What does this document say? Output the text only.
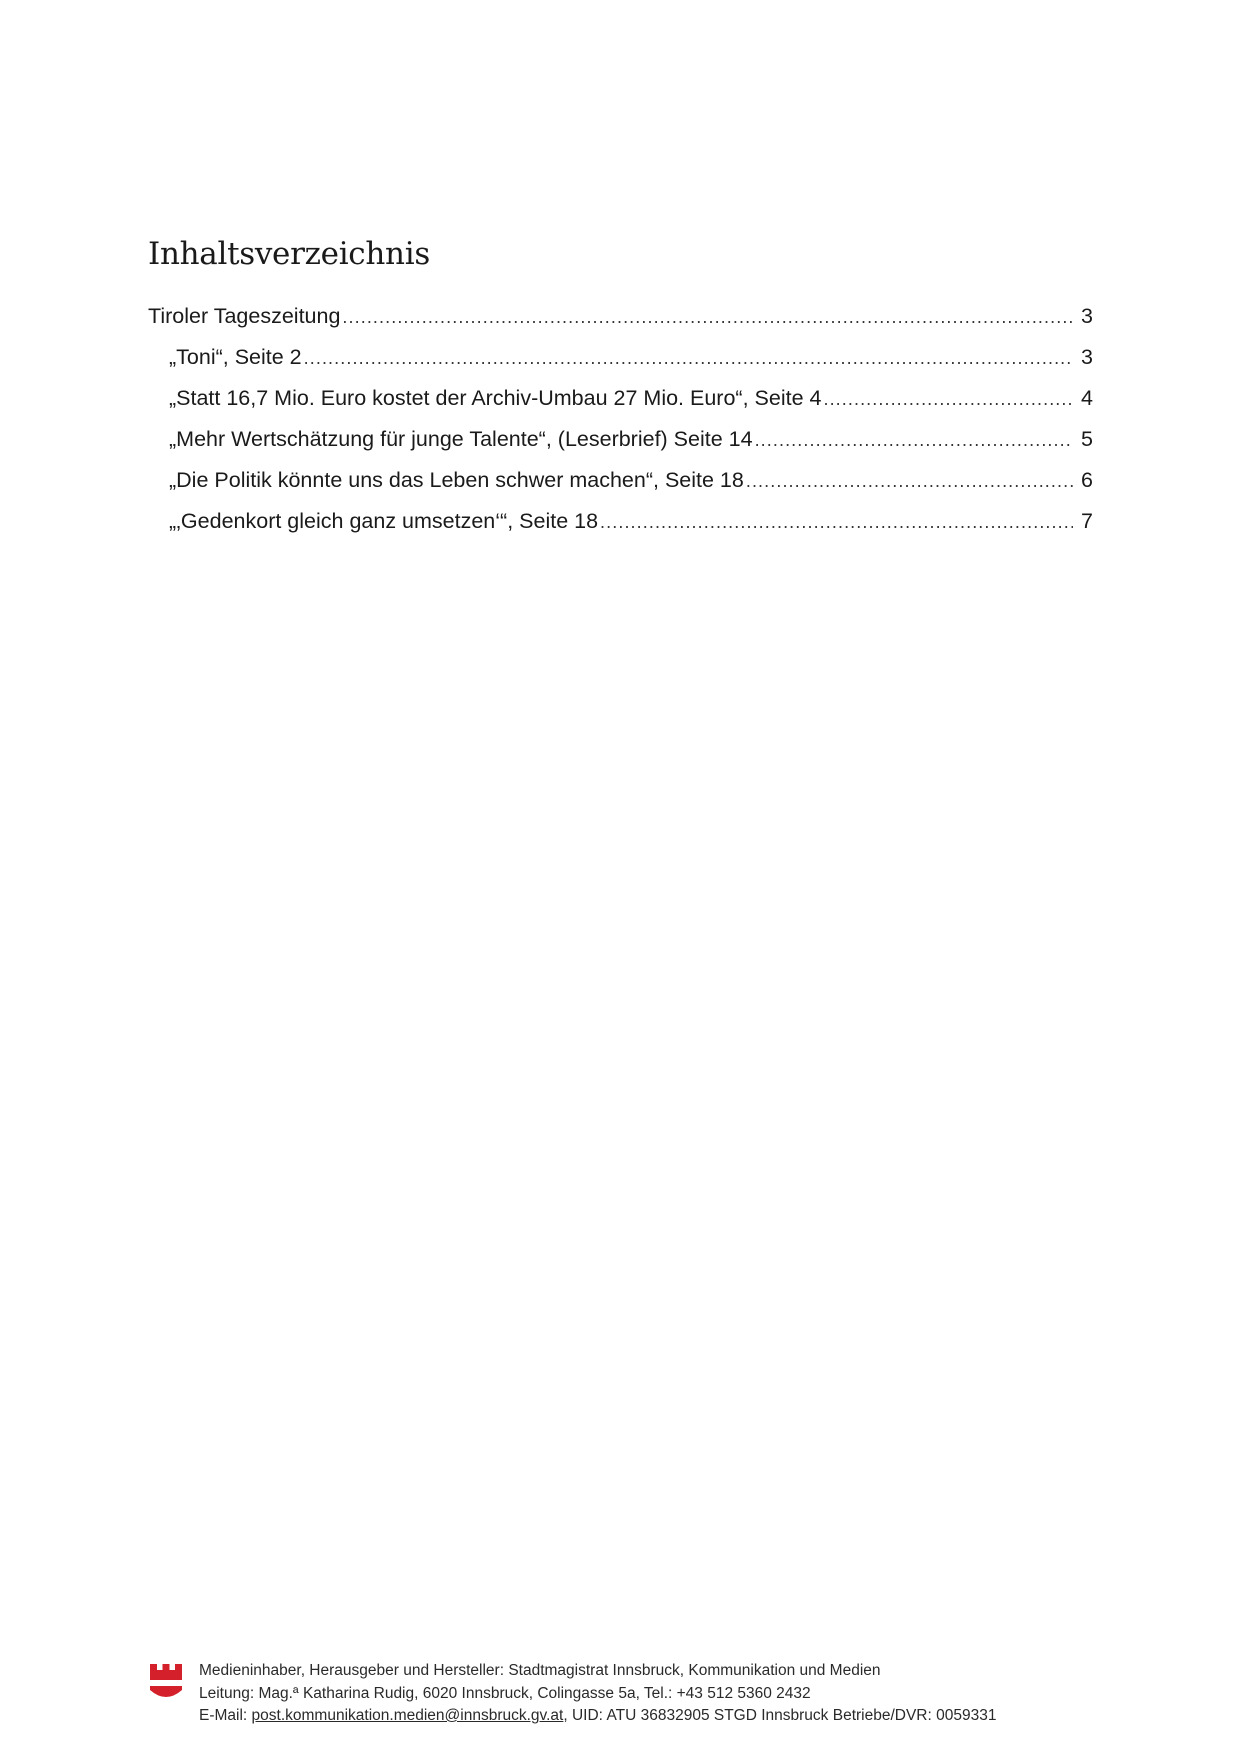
Inhaltsverzeichnis
Tiroler Tageszeitung .....	3
„Toni“, Seite 2 .....	3
„Statt 16,7 Mio. Euro kostet der Archiv-Umbau 27 Mio. Euro“, Seite 4 .....	4
„Mehr Wertschätzung für junge Talente“, (Leserbrief) Seite 14 .....	5
„Die Politik könnte uns das Leben schwer machen“, Seite 18 .....	6
„‚Gedenkort gleich ganz umsetzen‘“, Seite 18 .....	7
Medieninhaber, Herausgeber und Hersteller: Stadtmagistrat Innsbruck, Kommunikation und Medien
Leitung: Mag.ª Katharina Rudig, 6020 Innsbruck, Colingasse 5a, Tel.: +43 512 5360 2432
E-Mail: post.kommunikation.medien@innsbruck.gv.at, UID: ATU 36832905 STGD Innsbruck Betriebe/DVR: 0059331
